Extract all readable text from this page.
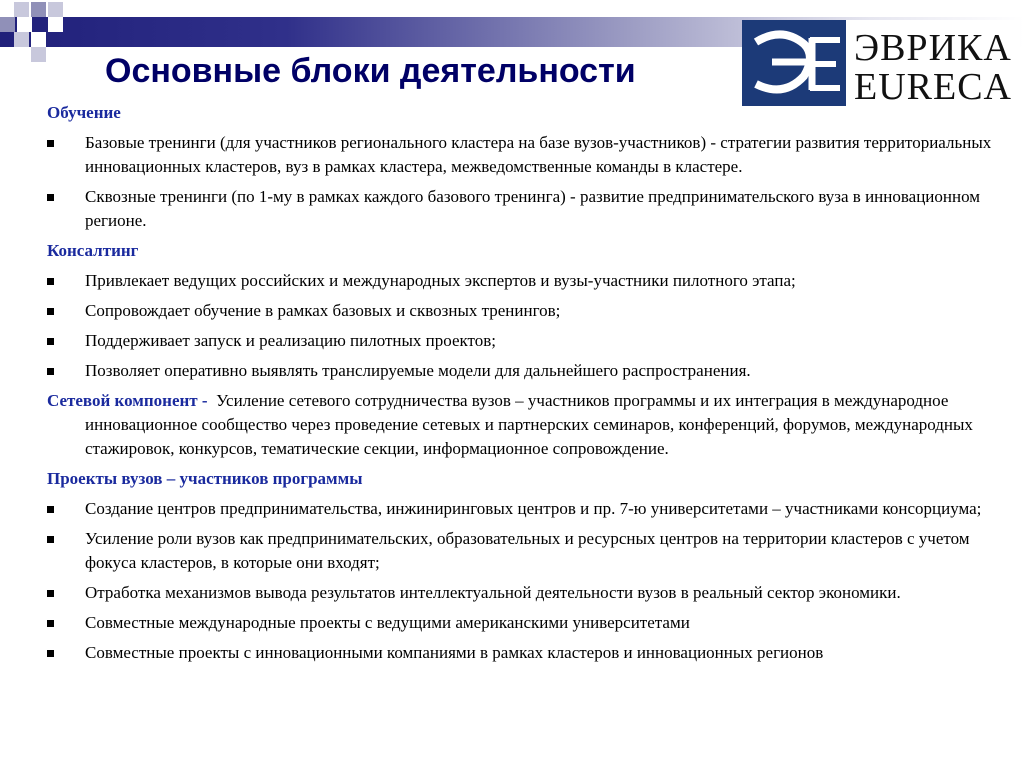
Основные блоки деятельности
ЭВРИКА
EURECA
Обучение
Базовые тренинги (для участников регионального кластера на базе вузов-участников) - стратегии развития территориальных инновационных кластеров, вуз в рамках кластера, межведомственные команды в кластере.
Сквозные тренинги (по 1-му в рамках каждого базового тренинга) - развитие предпринимательского вуза в инновационном регионе.
Консалтинг
Привлекает ведущих российских и международных экспертов и вузы-участники пилотного этапа;
Сопровождает обучение в рамках базовых и сквозных тренингов;
Поддерживает запуск и реализацию пилотных проектов;
Позволяет оперативно выявлять транслируемые модели для дальнейшего распространения.
Сетевой компонент - Усиление сетевого сотрудничества вузов – участников программы и их интеграция в международное инновационное сообщество через проведение сетевых и партнерских семинаров, конференций, форумов, международных стажировок, конкурсов, тематические секции, информационное сопровождение.
Проекты вузов – участников программы
Создание центров предпринимательства, инжиниринговых центров и пр. 7-ю университетами – участниками консорциума;
Усиление роли вузов как предпринимательских, образовательных и ресурсных центров на территории кластеров с учетом фокуса кластеров, в которые они входят;
Отработка механизмов вывода результатов интеллектуальной деятельности вузов в реальный сектор экономики.
Совместные международные проекты с ведущими американскими университетами
Совместные проекты с инновационными компаниями в рамках кластеров и инновационных регионов
